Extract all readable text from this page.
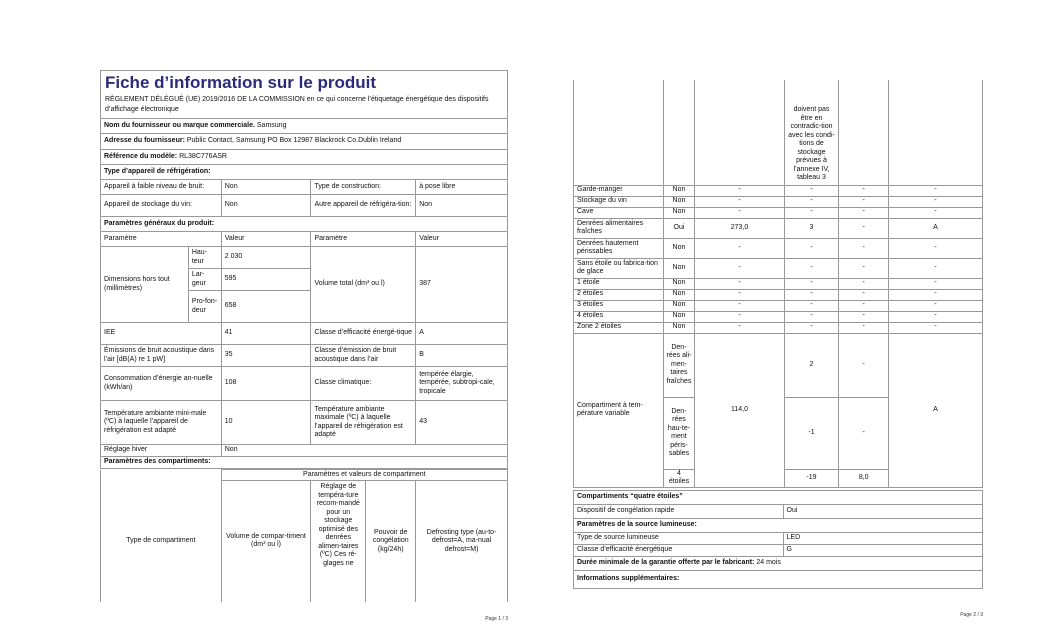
Fiche d’information sur le produit
RÈGLEMENT DÉLÉGUÉ (UE) 2019/2016 DE LA COMMISSION en ce qui concerne l’étiquetage énergétique des dispositifs d’affichage électronique
Nom du fournisseur ou marque commerciale. Samsung				
Adresse du fournisseur: Public Contact, Samsung PO Box 12987 Blackrock Co.Dublin Ireland				
Référence du modèle: RL38C776ASR				
Type d’appareil de réfrigération:				
Appareil à faible niveau de bruit:		Non	Type de construction:	à pose libre
Appareil de stockage du vin:		Non	Autre appareil de réfrigéra-tion:	Non
Paramètres généraux du produit:				
Paramètre		Valeur	Paramètre	Valeur
Dimensions hors tout (millimètres)	Hau-teur	2 030	Volume total (dm³ ou l)	387
	Lar-geur	595		
	Pro-fon-deur	658		
IEE		41	Classe d’efficacité énergé-tique	A
Émissions de bruit acoustique dans l’air [dB(A) re 1 pW]		35	Classe d’émission de bruit acoustique dans l’air	B
Consommation d’énergie an-nuelle (kWh/an)		108	Classe climatique:	tempérée élargie, tempérée, subtropi-cale, tropicale
Température ambiante mini-male (ºC) à laquelle l’appareil de réfrigération est adapté		10	Température ambiante maximale (ºC) à laquelle l’appareil de réfrigération est adapté	43
Réglage hiver		Non		
Paramètres des compartiments:				
	Paramètres et valeurs de compartiment			
Type de compartiment	Volume de compar-timent (dm³ ou l)	Réglage de tempéra-ture recom-mandé pour un stockage optimisé des denrées alimen-taires (ºC) Ces ré-glages ne	Pouvoir de congélation (kg/24h)	Defrosting type (au-to-defrost=A, ma-nual defrost=M)
Page 1 / 3
			doivent pas être en contradic-tion avec les condi-tions de stockage prévues à l’annexe IV, tableau 3		
Garde-manger	Non	-	-	-	-
Stockage du vin	Non	-	-	-	-
Cave	Non	-	-	-	-
Denrées alimentaires fraîches	Oui	273,0	3	-	A
Denrées hautement périssables	Non	-	-	-	-
Sans étoile ou fabrica-tion de glace	Non	-	-	-	-
1 étoile	Non	-	-	-	-
2 étoiles	Non	-	-	-	-
3 étoiles	Non	-	-	-	-
4 étoiles	Non	-	-	-	-
Zone 2 étoiles	Non	-	-	-	-
Compartiment à tem-pérature variable	Den-rées ali-men-taires fraîches	114,0	2	-	A
	Den-rées hau-te-ment péris-sables		-1	-	
	4 étoiles		-19	8,0	
Compartiments “quatre étoiles”	
Dispositif de congélation rapide	Oui
Paramètres de la source lumineuse:	
Type de source lumineuse	LED
Classe d’efficacité énergétique	G
Durée minimale de la garantie offerte par le fabricant: 24 mois	
Informations supplémentaires:	
Page 2 / 3
